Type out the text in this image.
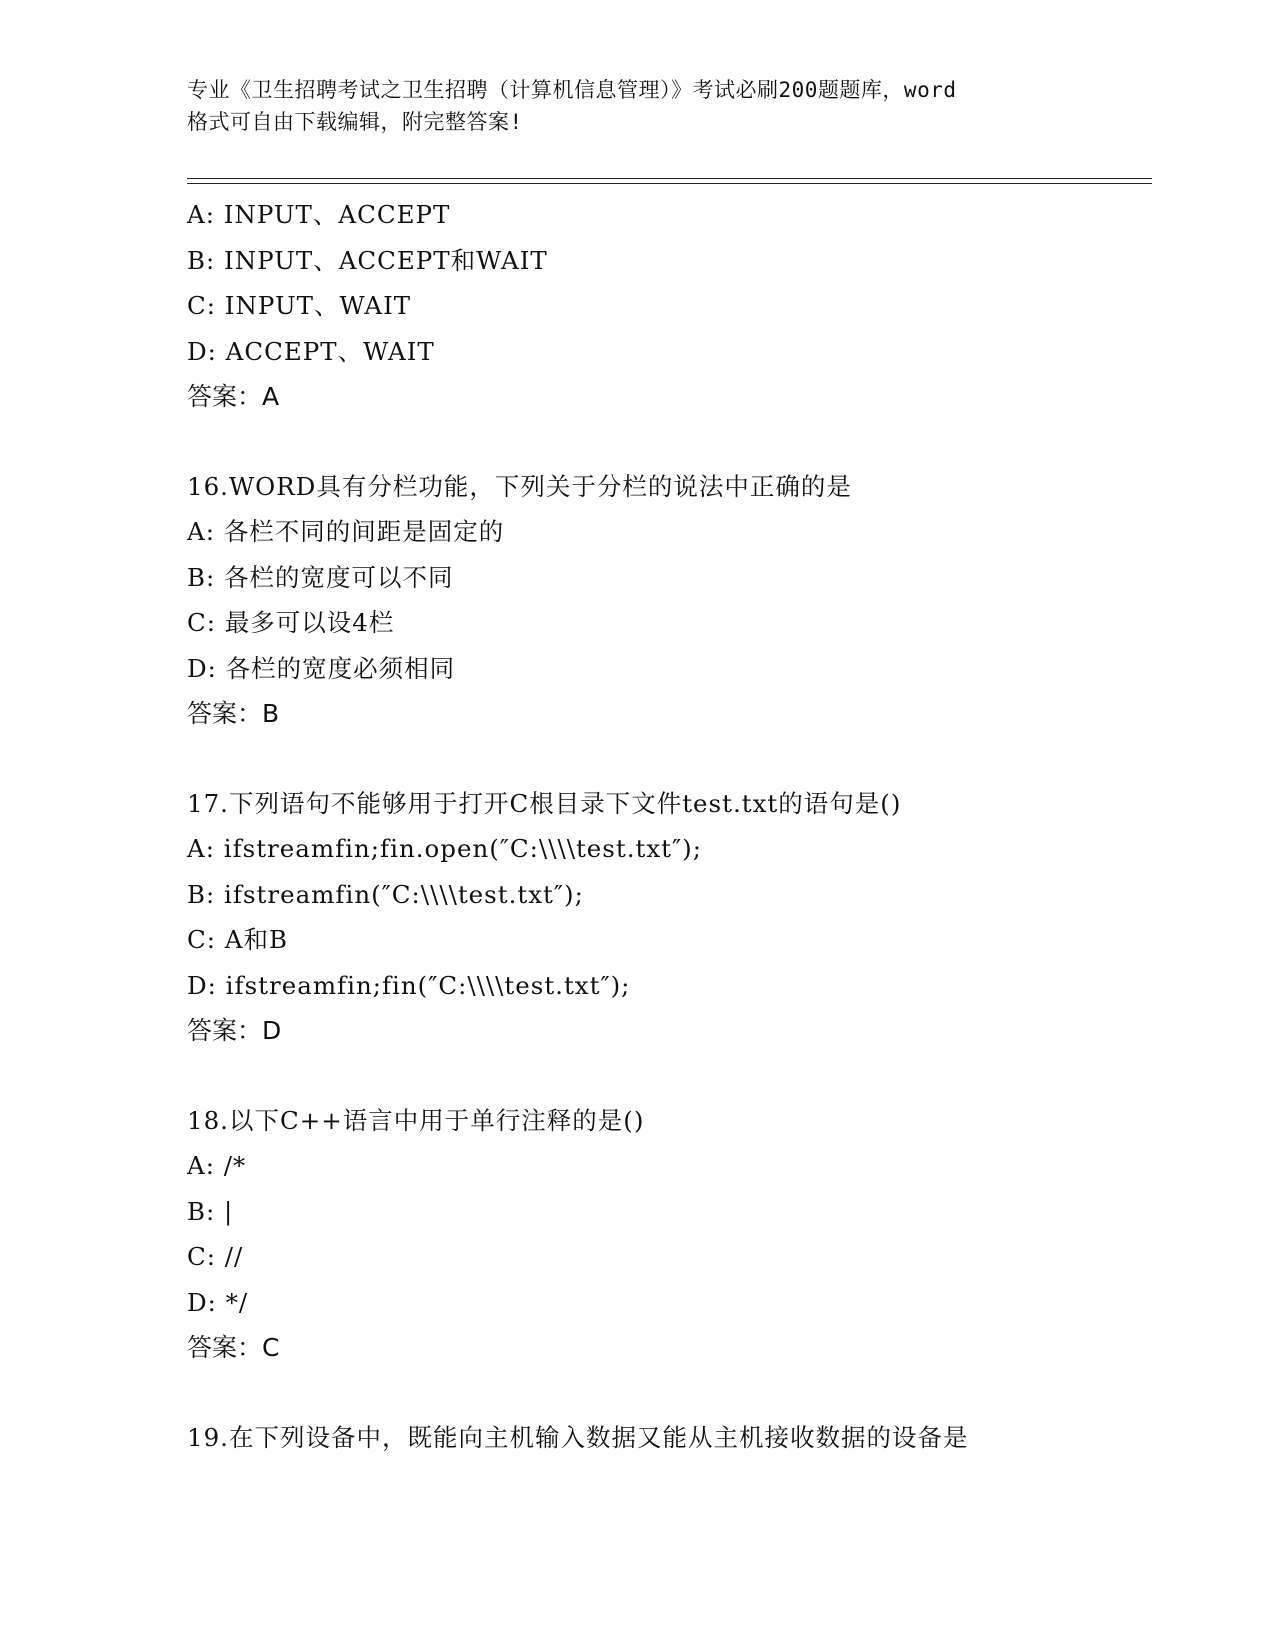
专业《卫生招聘考试之卫生招聘（计算机信息管理）》考试必刷200题题库，word
格式可自由下载编辑，附完整答案!
A: INPUT、ACCEPT
B: INPUT、ACCEPT和WAIT
C: INPUT、WAIT
D: ACCEPT、WAIT
答案：A
16.WORD具有分栏功能，下列关于分栏的说法中正确的是
A: 各栏不同的间距是固定的
B: 各栏的宽度可以不同
C: 最多可以设4栏
D: 各栏的宽度必须相同
答案：B
17.下列语句不能够用于打开C根目录下文件test.txt的语句是()
A: ifstreamfin;fin.open(″C:\\\\test.txt″);
B: ifstreamfin(″C:\\\\test.txt″);
C: A和B
D: ifstreamfin;fin(″C:\\\\test.txt″);
答案：D
18.以下C++语言中用于单行注释的是()
A: /*
B: |
C: //
D: */
答案：C
19.在下列设备中，既能向主机输入数据又能从主机接收数据的设备是
